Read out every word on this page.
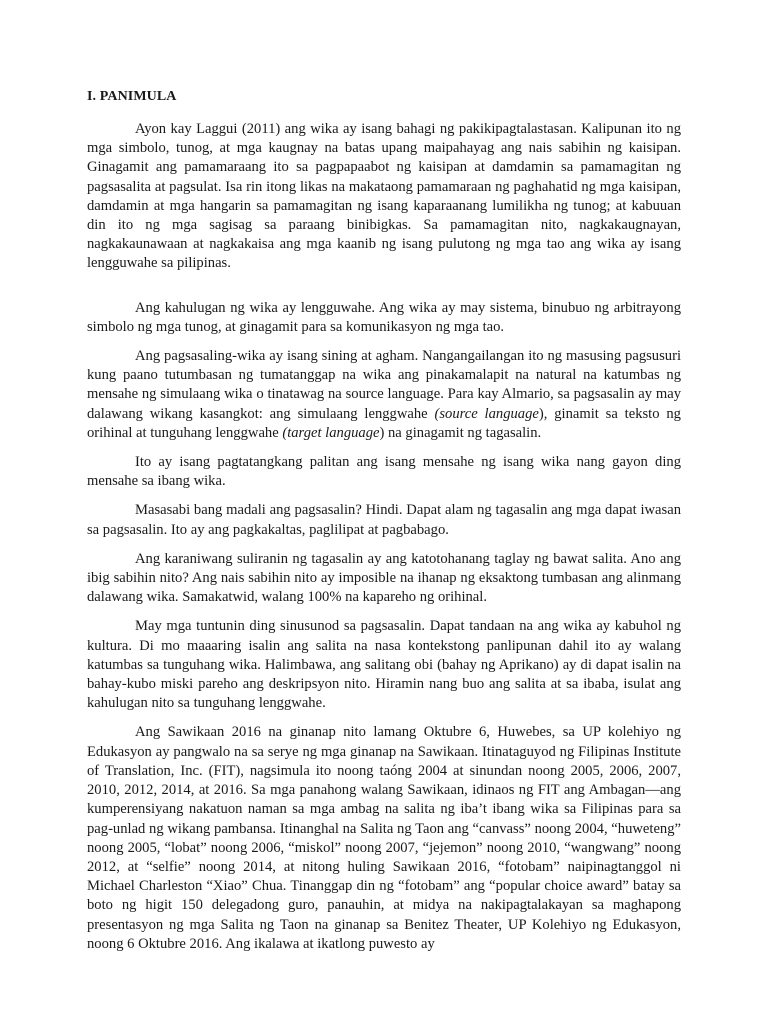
I. PANIMULA

Ayon kay Laggui (2011) ang wika ay isang bahagi ng pakikipagtalastasan. Kalipunan ito ng mga simbolo, tunog, at mga kaugnay na batas upang maipahayag ang nais sabihin ng kaisipan. Ginagamit ang pamamaraang ito sa pagpapaabot ng kaisipan at damdamin sa pamamagitan ng pagsasalita at pagsulat. Isa rin itong likas na makataong pamamaraan ng paghahatid ng mga kaisipan, damdamin at mga hangarin sa pamamagitan ng isang kaparaanang lumilikha ng tunog; at kabuuan din ito ng mga sagisag sa paraang binibigkas. Sa pamamagitan nito, nagkakaugnayan, nagkakaunawaan at nagkakaisa ang mga kaanib ng isang pulutong ng mga tao ang wika ay isang lengguwahe sa pilipinas.

Ang kahulugan ng wika ay lengguwahe. Ang wika ay may sistema, binubuo ng arbitrayong simbolo ng mga tunog, at ginagamit para sa komunikasyon ng mga tao.

Ang pagsasaling-wika ay isang sining at agham. Nangangailangan ito ng masusing pagsusuri kung paano tutumbasan ng tumatanggap na wika ang pinakamalapit na natural na katumbas ng mensahe ng simulaang wika o tinatawag na source language. Para kay Almario, sa pagsasalin ay may dalawang wikang kasangkot: ang simulaang lenggwahe (source language), ginamit sa teksto ng orihinal at tunguhang lenggwahe (target language) na ginagamit ng tagasalin.

Ito ay isang pagtatangkang palitan ang isang mensahe ng isang wika nang gayon ding mensahe sa ibang wika.

Masasabi bang madali ang pagsasalin? Hindi. Dapat alam ng tagasalin ang mga dapat iwasan sa pagsasalin. Ito ay ang pagkakaltas, paglilipat at pagbabago.

Ang karaniwang suliranin ng tagasalin ay ang katotohanang taglay ng bawat salita. Ano ang ibig sabihin nito? Ang nais sabihin nito ay imposible na ihanap ng eksaktong tumbasan ang alinmang dalawang wika. Samakatwid, walang 100% na kapareho ng orihinal.

May mga tuntunin ding sinusunod sa pagsasalin. Dapat tandaan na ang wika ay kabuhol ng kultura. Di mo maaaring isalin ang salita na nasa kontekstong panlipunan dahil ito ay walang katumbas sa tunguhang wika. Halimbawa, ang salitang obi (bahay ng Aprikano) ay di dapat isalin na bahay-kubo miski pareho ang deskripsyon nito. Hiramin nang buo ang salita at sa ibaba, isulat ang kahulugan nito sa tunguhang lenggwahe.

Ang Sawikaan 2016 na ginanap nito lamang Oktubre 6, Huwebes, sa UP kolehiyo ng Edukasyon ay pangwalo na sa serye ng mga ginanap na Sawikaan. Itinataguyod ng Filipinas Institute of Translation, Inc. (FIT), nagsimula ito noong taóng 2004 at sinundan noong 2005, 2006, 2007, 2010, 2012, 2014, at 2016. Sa mga panahong walang Sawikaan, idinaos ng FIT ang Ambagan—ang kumperensiyang nakatuon naman sa mga ambag na salita ng iba’t ibang wika sa Filipinas para sa pag-unlad ng wikang pambansa. Itinanghal na Salita ng Taon ang “canvass” noong 2004, “huweteng” noong 2005, “lobat” noong 2006, “miskol” noong 2007, “jejemon” noong 2010, “wangwang” noong 2012, at “selfie” noong 2014, at nitong huling Sawikaan 2016, “fotobam” naipinagtanggol ni Michael Charleston “Xiao” Chua. Tinanggap din ng “fotobam” ang “popular choice award” batay sa boto ng higit 150 delegadong guro, panauhin, at midya na nakipagtalakayan sa maghapong presentasyon ng mga Salita ng Taon na ginanap sa Benitez Theater, UP Kolehiyo ng Edukasyon, noong 6 Oktubre 2016. Ang ikalawa at ikatlong puwesto ay
